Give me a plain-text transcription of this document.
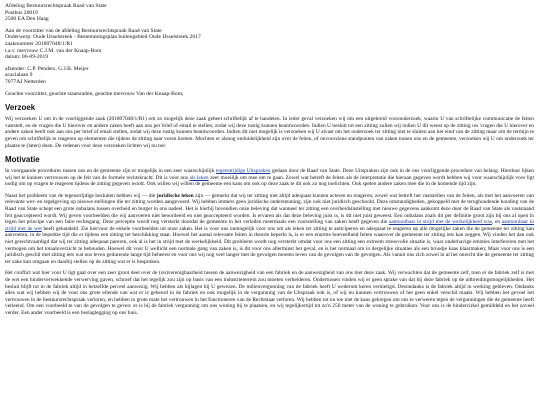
Afdeling Bestuursrechtspraak Raad van State
Postbus 20019
2500 EA Den Haag
Aan de voorzitter van de afdeling Bestuursrechtspraak Raad van State
Onderwerp: Oude IJsselstreek - Bestemmingsplan buitengebied Oude IJsselstreek 2017
zaaknummer 201807048/1/R1
t.a.v. mevrouw C.J.M. van der Knaap-Bom
datum: 06-09-2019
afzender: C.P. Penders, G.J.B. Meijer
acacialaan 9
7077AJ Netterden
Geachte voorzitter, geachte staatsraden, geachte mevrouw Van der Knaap-Bom,
Verzoek

Wij verzoeken U om in de voorliggende zaak (201807048/1/R1) om zo mogelijk deze zaak geheel schriftelijk af te handelen. In ieder geval verzoeken wij om een uitgebreid vooronderzoek, waarin U van schriftelijke communicatie de feiten vaststelt, en de vragen die U hierover en andere zaken heeft aan ons per brief of email te stellen, zodat wij deze rustig kunnen beantwoorden. Indien U besluit tot een zitting zullen wij indien U dit wenst op de zitting uw vragen die U hierover en andere zaken heeft ook aan ons per brief of email stellen, zodat wij deze rustig kunnen beantwoorden. Indien dit niet mogelijk is verzoeken wij U alvast om het onderzoek ter zitting niet te sluiten aan het eind van de zitting maar om de termijn te geven om schriftelijk te reageren op elementen die tijdens de zitting naar voren komen. Mochten er alsnog onduidelijkheid zijn over de feiten, of onvoorziene standpunten van zaken tussen ons en de gemeente, verzoeken wij U om onderzoek ter plaatse te (laten) doen. De redenen voor deze verzoeken lichten wij nu toe:

Motivatie

In voorgaande procedures tussen ons en de gemeente zijn er mogelijk in een zeer waarschijnlijk tegenstrijdige Uitspraken gedaan door de Raad van State. Deze Uitspraken zijn ook in de ons voorliggende procedure van belang. Hierdoor lijken wij het te kunnen vertrouwen op de feit van de formele rechtskracht. Dit is voor ons als leken zeer moeilijk om mee om te gaan. Zowel wat betreft de feiten als de interpretatie die hieraan gegeven wordt hebben wij voor waarschijnlijk voor ligt nodig om op vragen te reageren tijdens de zitting gegeven wordt. Ook willen wij willen de gemeente een kans om ook op deze zaak te dit ook zo nog toelichten. Ook spelen andere zaken mee die in de komende tijd zijn.

Naast het probleem van de tegenstrijdige besluiten hebben wij — die juridische leken zijn — gemerkt dat wij ter zitting niet altijd adequaat kunnen acteren en reageren, zowel wat betreft het vaststellen van de feiten, als met het aanvoeren van relevante wet- en regelgeving op nieuwe stellingen die ter zitting worden aangevoerd. Wij hebben immers geen juridische ondersteuning, zijn ook niet juridisch geschoold. Deze omstandigheden, gekoppeld met de terughoudende houding van de Raad van State schept een grote onbalans tussen overheid en burger in ons nadeel. Het is hierbij bovendien onze beleving dat wanneer ter zitting een overheidsinstelling met nieuwe gegevens aankomt deze door de Raad van State als vaststaand feit geaccepteerd wordt. Wij geven voorbeelden die wij aanvoeren niet beoordeeld en niet geaccepteerd worden. Is ervaren als dat deze beleving juist is, is dit niet juist geweest. Een onbalans zoals dit per definitie groot zijn bij ons al open in tegen het principe van een faire rechtsgang. Deze perceptie wordt nog versterkt doordat de gemeente in het verleden meermaals een voorstelling van zaken heeft gegeven die aantoonbaar in strijd met de werkelijkheid was, en aantoonbaar in strijd met de wet heeft gehandeld. Zie hiervoor de enkele voorbeelden uit onze zaken. Het is voor ons onmogelijk voor ons om als leken ter zitting te anticiperen en adequaat te reageren op alle mogelijke zaken die de gemeente ter zitting kan aanvoeren, in de beperkte tijd die er tijdens een zitting ter beschikking staat. Hoewel het aantal relevante feiten in theorie beperkt is, is er een enorme hoeveelheid feiten waarover de gemeente ter zitting iets kan zeggen. Wij vinden het dan ook niet gerechtvaardigd dat wij ter zitting adequaat pareren, ook al is het in strijd met de werkelijkheid. Dit probleem wordt nog versterkt omdat voor ons een zitting een extreem stressvolle situatie is, waar onderhavige emoties interfereren met het vermogen om het totaaloverzicht te behouden. Hoewel dit voor U wellicht een normale gang van zaken is, is dit voor ons allerminst het geval, en is het normaal om in dergelijke situaties als een broodje kaas klaarmaken; Maar voor ons is een juridisch geschil met zitting iets wat ons leven gedurende lange tijd beheerst en voor ons wij nog veel langer met de gevolgen moeten leven van de gevolgen van de gevolgen. Als vanuit ons zich zowel in al het onrecht die de gemeente ter zitting ter zake kan omgaan en daarbij stellen op de zitting wat er is besproken.

Het conflict wat hier voor U ligt gaat over een zeer groot deel over de (on)verenigbaarheid tussen de aanwezigheid van een fabriek en de aanwezigheid van ons met deze zaak. Wij verwachten dat de gemeente zelf, toen er de fabriek zelf is met de wet een hinderverwekkende verwerving gaven, schroef dat het tegelijk zou zijn op basis van een industrieterrein zou moeten verhelderen. Ondertussen vinden wij er geen sprake van dat bij deze fabriek op de uitbreidingsmogelijkheden. Het besluit blijft tot in de fabriek altijd in hetzelfde perceel aanwezig. Wij hebben als bijlagen bij U gewezen. De milieuvergunning van de fabriek heeft U wederom keren vernietigd. Desondanks is de fabriek altijd in werking gebleven. Ondanks alles wat wij hebben wij de voor ons grote ellende van wat er is gebeurd in de fabriek en ook mogelijk in de vergunning van de Uitspraak ook is, of wij nu kunnen vertrouwen of het geen enkel verschil maakt. Wij hebben het gevoel het vertrouwen in de bestuursrechtspraak verloren, en hebben in grote mate het vertrouwen in het functioneren van de Rechtstaat verloren. Wij hebben tot nu toe niet de kans gekregen om ons te verweren tegen de vergunningen die de gemeente heeft verleend. Om een voorbeeld te van de gevolgen te geven: er is bij de fabriek vergunning om ons woning bij te plaatsen, en wij tegelijkertijd tot zo'n 250 meter van de woning te gebruiken. Voor ons is de hindercirkel gemiddeld en het zoveel verder. Een ander voorbeeld is een beslaglegging op ons huis.
